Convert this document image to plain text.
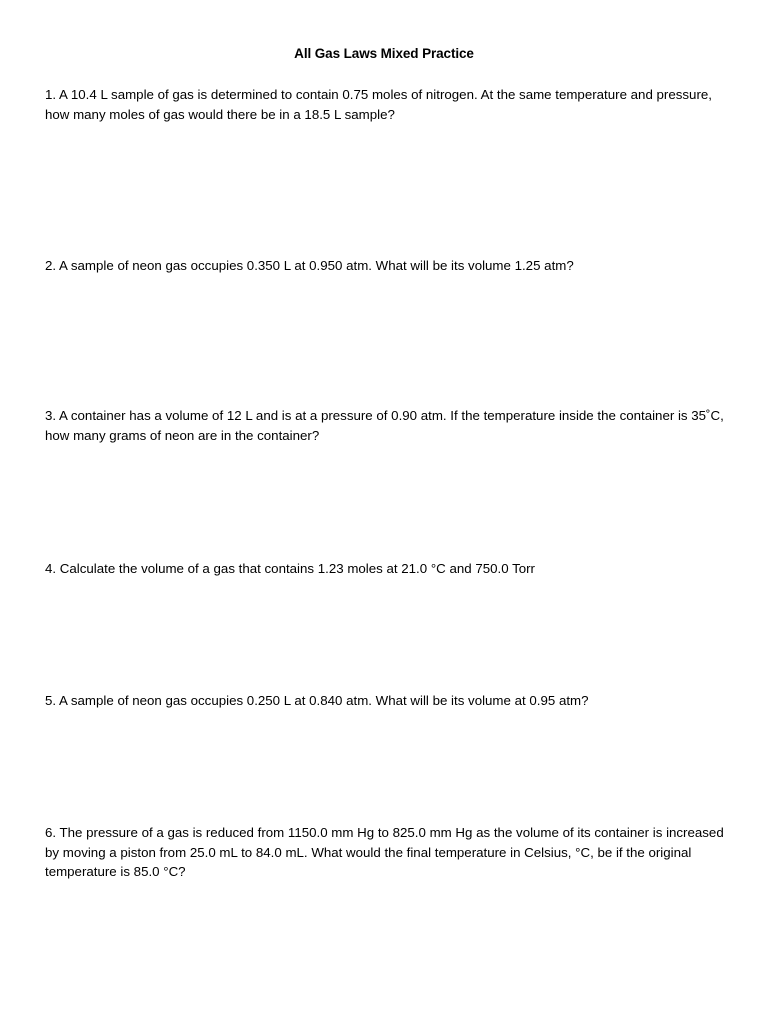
All Gas Laws Mixed Practice

1. A 10.4 L sample of gas is determined to contain 0.75 moles of nitrogen. At the same temperature and pressure, how many moles of gas would there be in a 18.5 L sample?

2. A sample of neon gas occupies 0.350 L at 0.950 atm. What will be its volume 1.25 atm?

3. A container has a volume of 12 L and is at a pressure of 0.90 atm. If the temperature inside the container is 35˚C, how many grams of neon are in the container?

4. Calculate the volume of a gas that contains 1.23 moles at 21.0 °C and 750.0 Torr

5. A sample of neon gas occupies 0.250 L at 0.840 atm. What will be its volume at 0.95 atm?

6. The pressure of a gas is reduced from 1150.0 mm Hg to 825.0 mm Hg as the volume of its container is increased by moving a piston from 25.0 mL to 84.0 mL. What would the final temperature in Celsius, °C, be if the original temperature is 85.0 °C?
